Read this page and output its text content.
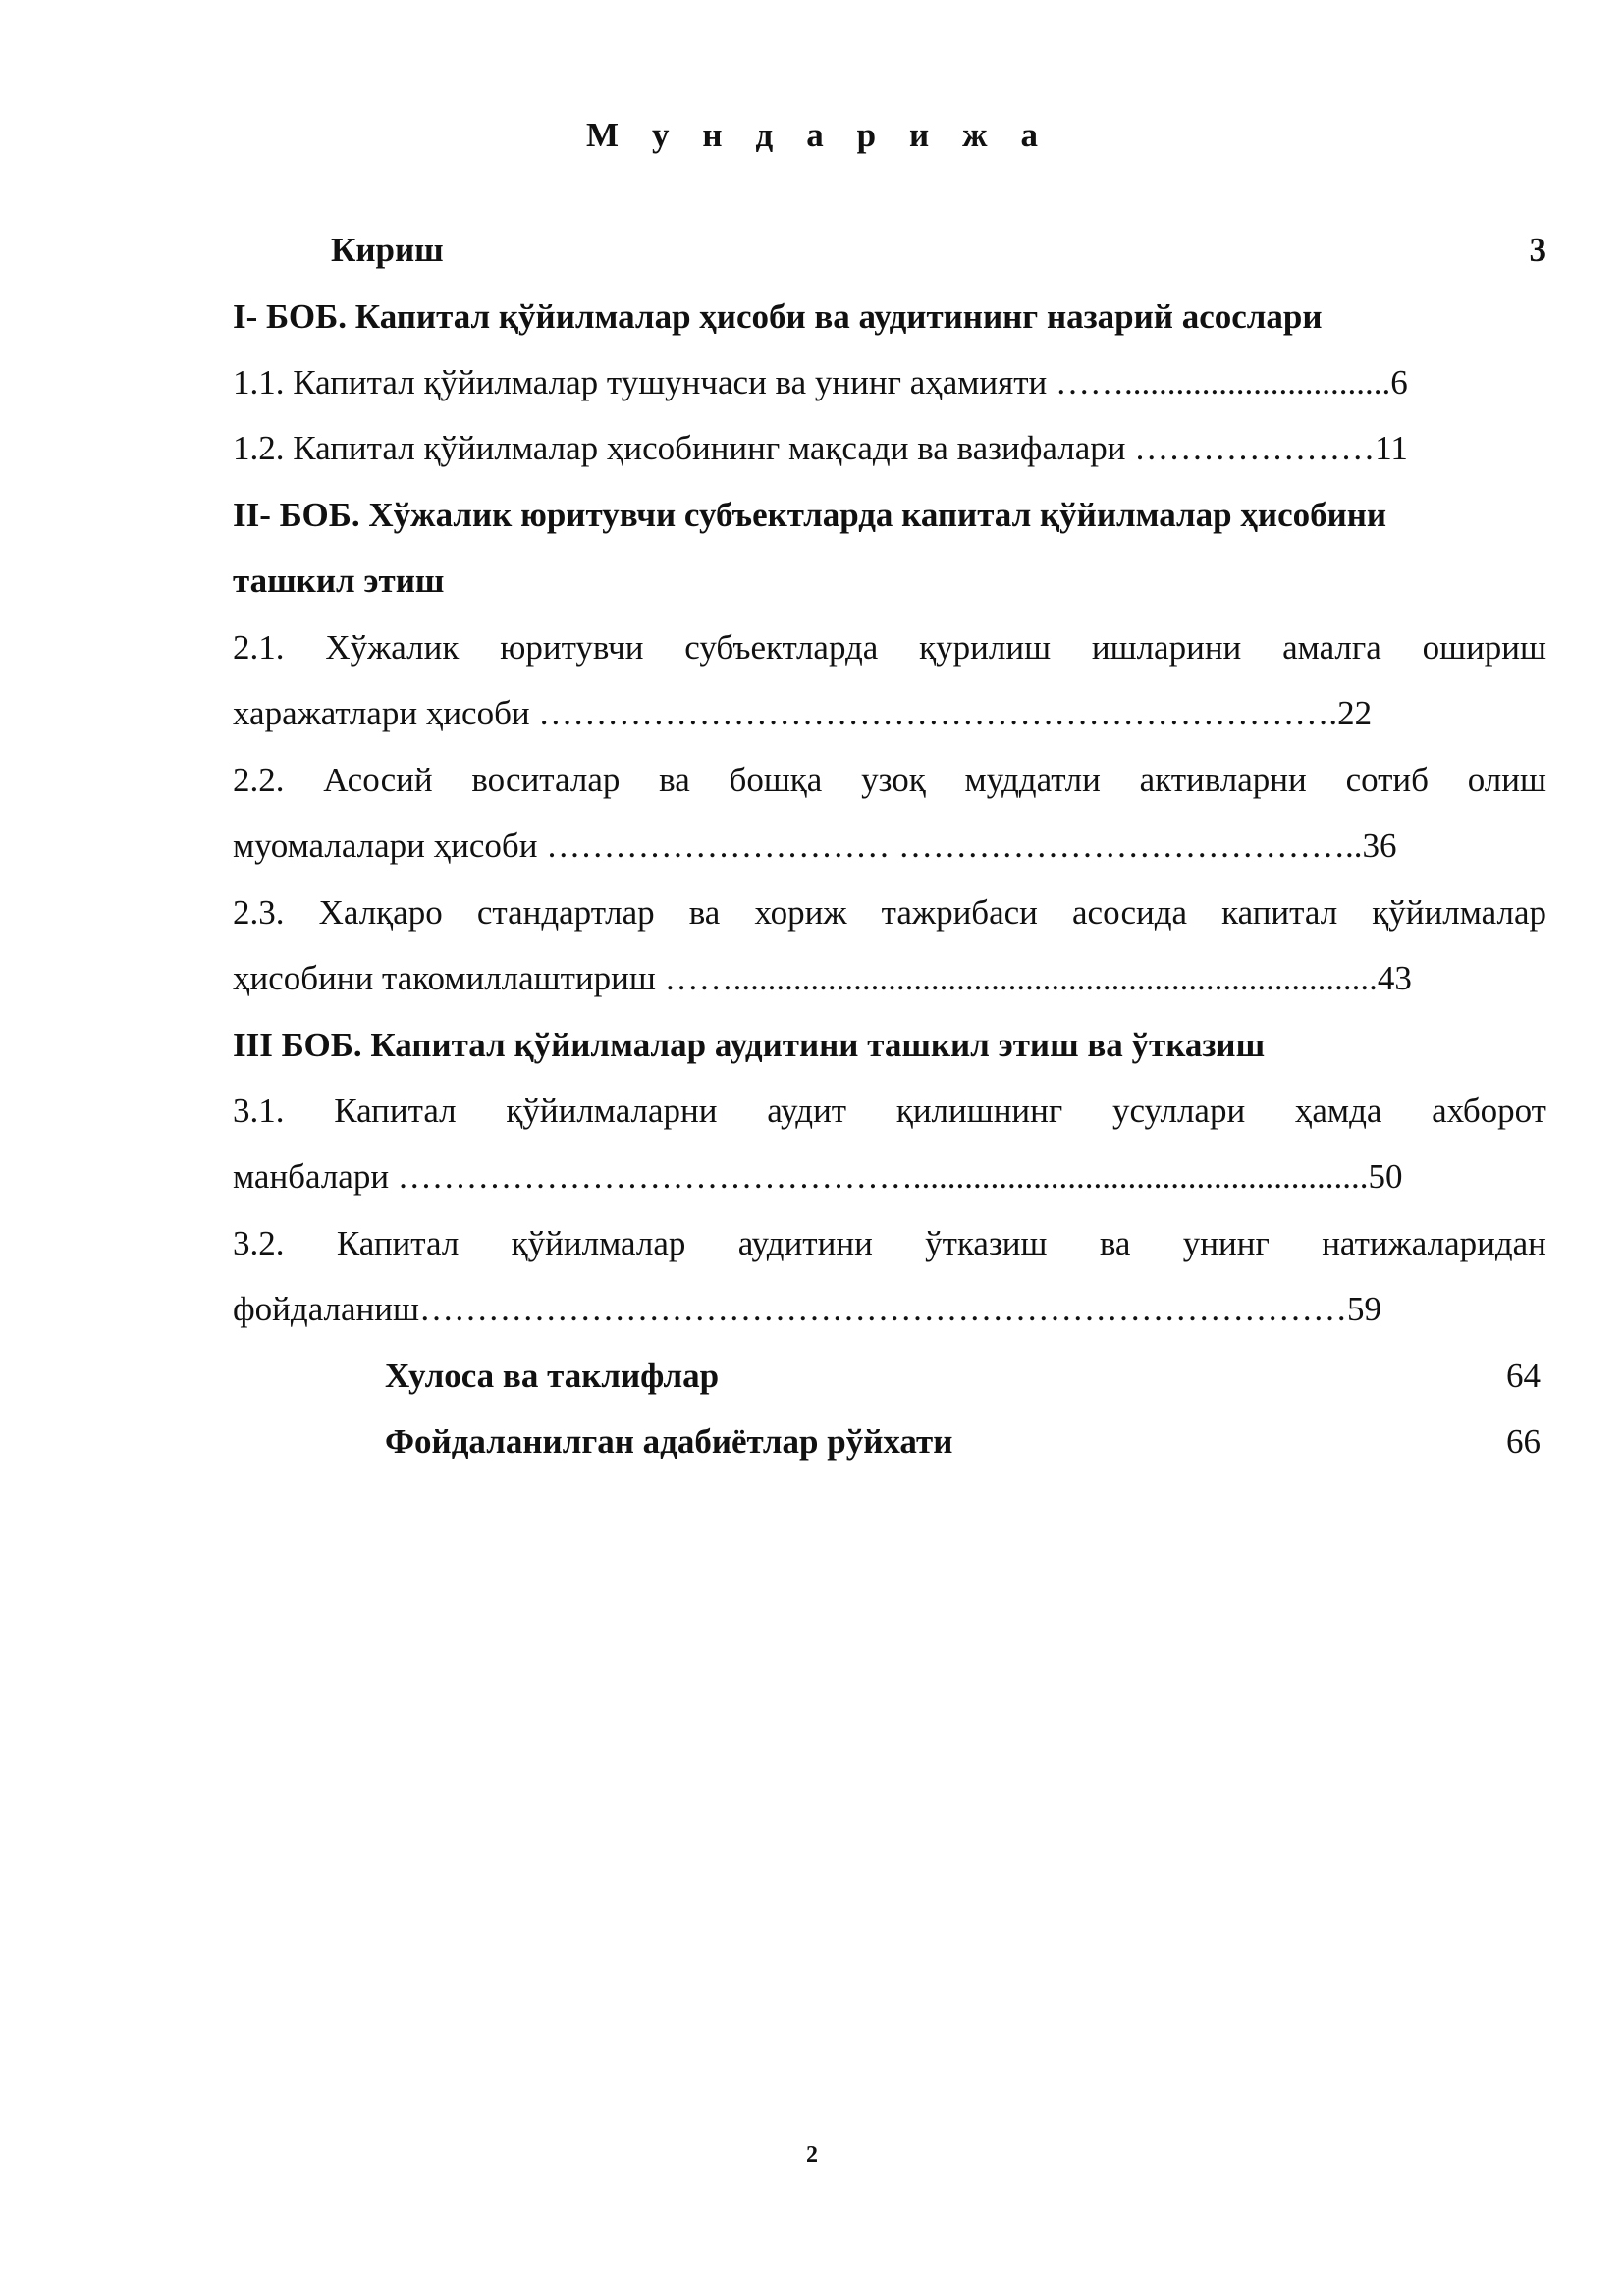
М у н д а р и ж а
Кириш	3
I- БОБ. Капитал қўйилмалар ҳисоби ва аудитининг назарий асослари
1.1. Капитал қўйилмалар тушунчаси ва унинг аҳамияти ……...............................6
1.2. Капитал қўйилмалар ҳисобининг мақсади ва вазифалари …………………11
II- БОБ. Хўжалик юритувчи субъектларда капитал қўйилмалар ҳисобини
ташкил этиш
2.1. Хўжалик юритувчи субъектларда қурилиш ишларини амалга ошириш
харажатлари ҳисоби …………………………………………………………….22
2.2. Асосий воситалар ва бошқа узоқ муддатли активларни сотиб олиш
муомалалари ҳисоби ………………………… …………………………………..36
2.3. Халқаро стандартлар ва хориж тажрибаси асосида капитал қўйилмалар
ҳисобини такомиллаштириш ……...........................................................................43
III БОБ. Капитал қўйилмалар аудитини ташкил этиш ва ўтказиш
3.1. Капитал қўйилмаларни аудит қилишнинг усуллари ҳамда ахборот
манбалари ……………………………………….....................................................50
3.2. Капитал қўйилмалар аудитини ўтказиш ва унинг натижаларидан
фойдаланиш………………………………………………………………………59
Хулоса ва таклифлар	64
Фойдаланилган адабиётлар рўйхати	66
2
